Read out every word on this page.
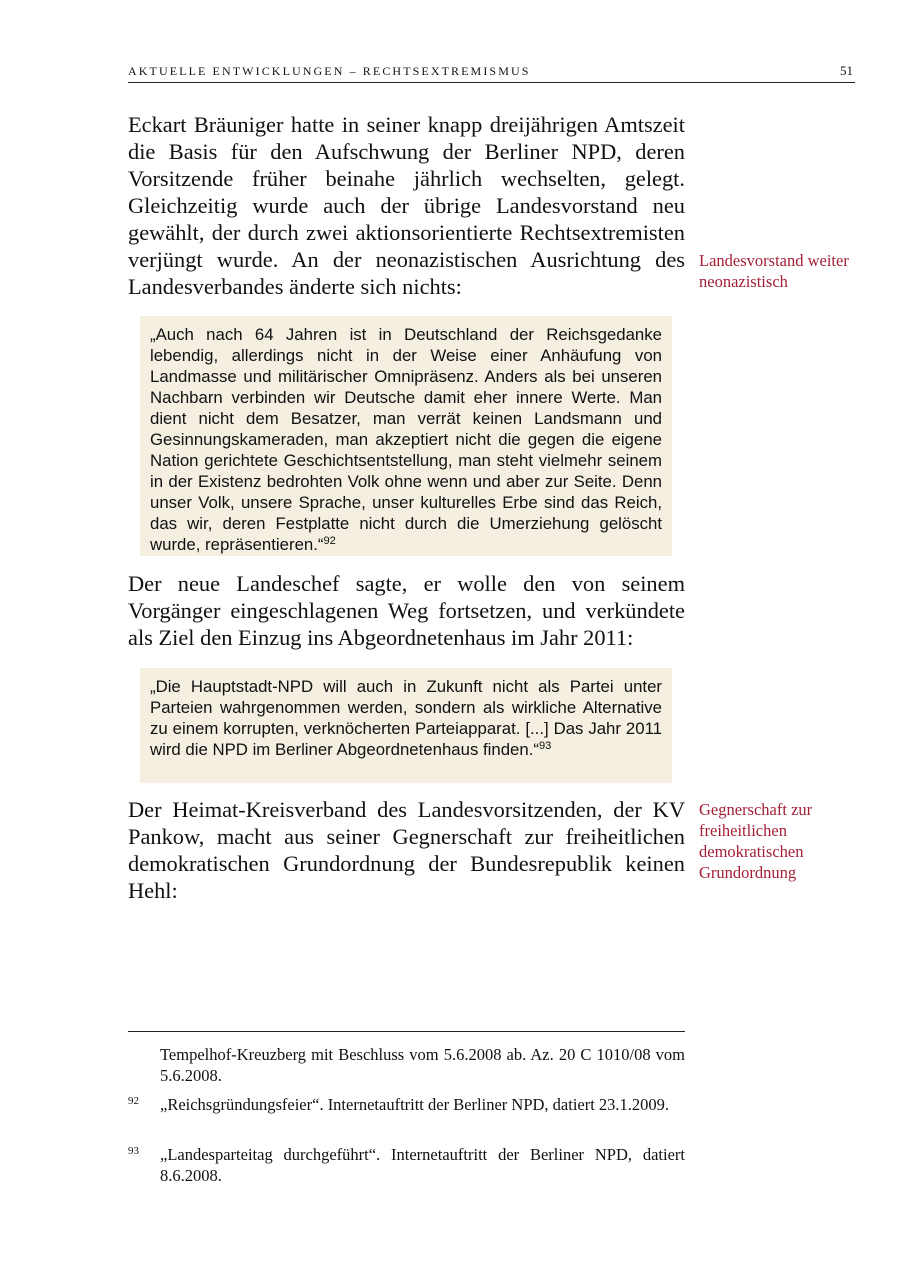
AKTUELLE ENTWICKLUNGEN – RECHTSEXTREMISMUS	51

Eckart Bräuniger hatte in seiner knapp dreijährigen Amtszeit die Basis für den Aufschwung der Berliner NPD, deren Vorsitzende früher beinahe jährlich wechselten, gelegt. Gleichzeitig wurde auch der übrige Landesvorstand neu gewählt, der durch zwei aktionsorientierte Rechtsextremisten verjüngt wurde. An der neonazistischen Ausrichtung des Landesverbandes änderte sich nichts:

Landesvorstand weiter neonazistisch

„Auch nach 64 Jahren ist in Deutschland der Reichsgedanke lebendig, allerdings nicht in der Weise einer Anhäufung von Landmasse und militärischer Omnipräsenz. Anders als bei unseren Nachbarn verbinden wir Deutsche damit eher innere Werte. Man dient nicht dem Besatzer, man verrät keinen Landsmann und Gesinnungskameraden, man akzeptiert nicht die gegen die eigene Nation gerichtete Geschichtsentstellung, man steht vielmehr seinem in der Existenz bedrohten Volk ohne wenn und aber zur Seite. Denn unser Volk, unsere Sprache, unser kulturelles Erbe sind das Reich, das wir, deren Festplatte nicht durch die Umerziehung gelöscht wurde, repräsentieren.“$^{92}$

Der neue Landeschef sagte, er wolle den von seinem Vorgänger eingeschlagenen Weg fortsetzen, und verkündete als Ziel den Einzug ins Abgeordnetenhaus im Jahr 2011:

„Die Hauptstadt-NPD will auch in Zukunft nicht als Partei unter Parteien wahrgenommen werden, sondern als wirkliche Alternative zu einem korrupten, verknöcherten Parteiapparat. [...] Das Jahr 2011 wird die NPD im Berliner Abgeordnetenhaus finden.“$^{93}$

Der Heimat-Kreisverband des Landesvorsitzenden, der KV Pankow, macht aus seiner Gegnerschaft zur freiheitlichen demokratischen Grundordnung der Bundesrepublik keinen Hehl:

Gegnerschaft zur freiheitlichen demokratischen Grundordnung
Tempelhof-Kreuzberg mit Beschluss vom 5.6.2008 ab. Az. 20 C 1010/08 vom 5.6.2008.
92 „Reichsgründungsfeier“. Internetauftritt der Berliner NPD, datiert 23.1.2009.
93 „Landesparteitag durchgeführt“. Internetauftritt der Berliner NPD, datiert 8.6.2008.
